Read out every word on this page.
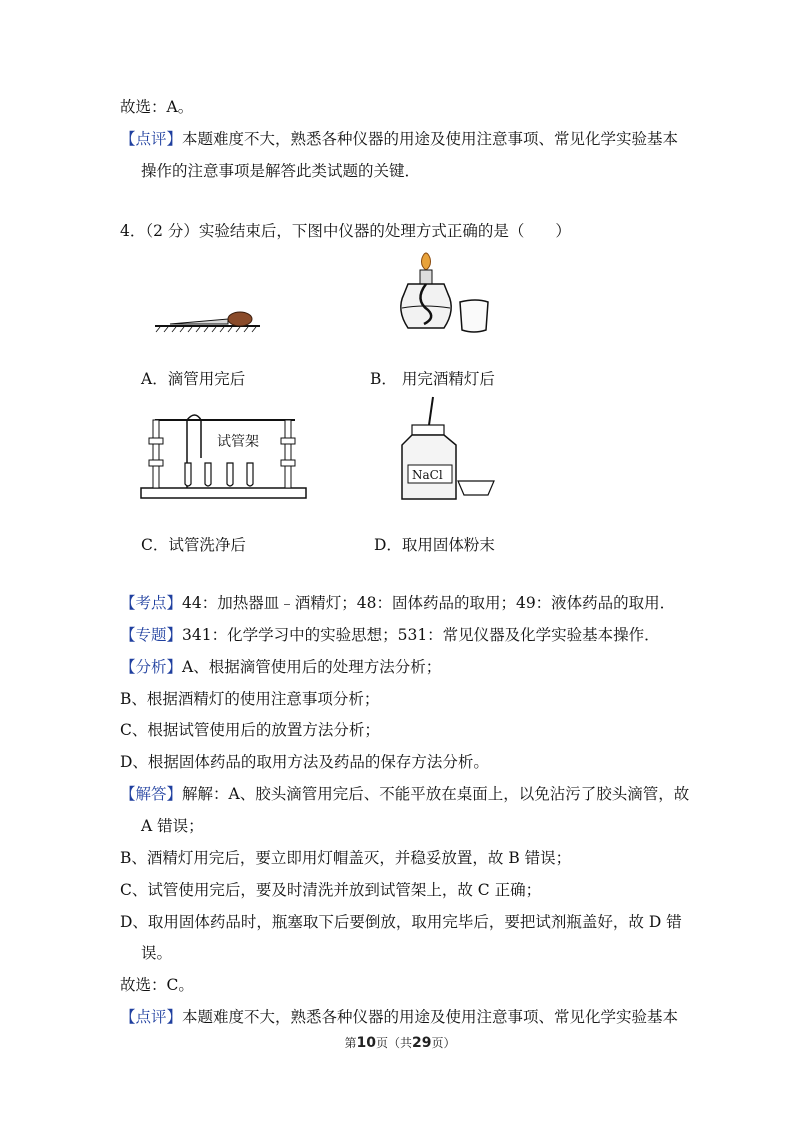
故选：A。
【点评】本题难度不大，熟悉各种仪器的用途及使用注意事项、常见化学实验基本
操作的注意事项是解答此类试题的关键．
4．（2 分）实验结束后，下图中仪器的处理方式正确的是（　　）
A．滴管用完后	B． 用完酒精灯后
试管架
NaCl
C．试管洗净后	D．取用固体粉末
【考点】44：加热器皿﹣酒精灯；48：固体药品的取用；49：液体药品的取用．
【专题】341：化学学习中的实验思想；531：常见仪器及化学实验基本操作．
【分析】A、根据滴管使用后的处理方法分析；
B、根据酒精灯的使用注意事项分析；
C、根据试管使用后的放置方法分析；
D、根据固体药品的取用方法及药品的保存方法分析。
【解答】解解：A、胶头滴管用完后、不能平放在桌面上，以免沾污了胶头滴管，故
A 错误；
B、酒精灯用完后，要立即用灯帽盖灭，并稳妥放置，故 B 错误；
C、试管使用完后，要及时清洗并放到试管架上，故 C 正确；
D、取用固体药品时，瓶塞取下后要倒放，取用完毕后，要把试剂瓶盖好，故 D 错
误。
故选：C。
【点评】本题难度不大，熟悉各种仪器的用途及使用注意事项、常见化学实验基本
第10页（共29页）
